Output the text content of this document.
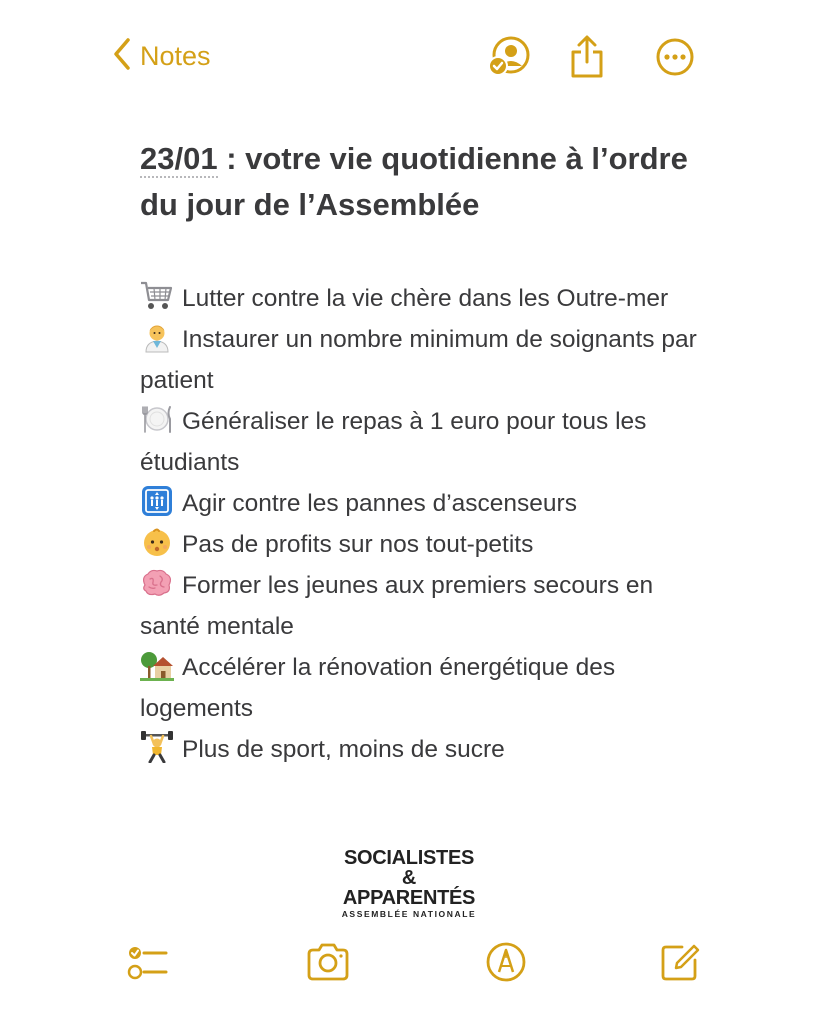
Notes
23/01 : votre vie quotidienne à l’ordre du jour de l’Assemblée
Lutter contre la vie chère dans les Outre-mer
Instaurer un nombre minimum de soignants par patient
Généraliser le repas à 1 euro pour tous les étudiants
Agir contre les pannes d’ascenseurs
Pas de profits sur nos tout-petits
Former les jeunes aux premiers secours en santé mentale
Accélérer la rénovation énergétique des logements
Plus de sport, moins de sucre
SOCIALISTES
& APPARENTÉS
ASSEMBLÉE NATIONALE
